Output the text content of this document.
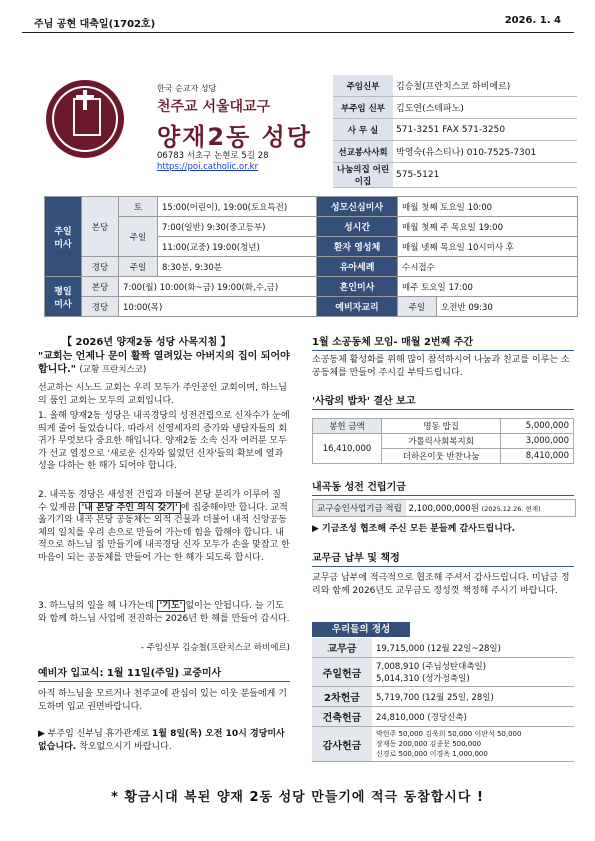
주님 공현 대축일(1702호)	2026. 1. 4
한국 순교자 성당
천주교 서울대교구
양재2동 성당
06783 서초구 논현로 5길 28
https://poi.catholic.or.kr
주임신부	김승철(프란치스코 하비에르)
부주임 신부	김도연(스테파노)
사 무 실	571-3251 FAX 571-3250
선교봉사사회	박영숙(유스티나) 010-7525-7301
나눔의집 어린이집	575-5121
주일 미사	본당	토	15:00(어린이), 19:00(토요특전)	성모신심미사	매월 첫째 토요일 10:00	
		주일	7:00(일반) 9:30(중고등부)	성시간	매월 첫째 주 목요일 19:00	
			11:00(교중) 19:00(청년)	환자 영성체	매월 넷째 목요일 10시미사 후	
	경당	주일	8:30분, 9:30분	유아세례	수시접수	
평일 미사	본당	7:00(월) 10:00(화~금) 19:00(화,수,금)		혼인미사	매주 토요일 17:00	
	경당	10:00(목)		예비자교리	주일	오전반 09:30
【 2026년 양재2동 성당 사목지침 】
"교회는 언제나 문이 활짝 열려있는 아버지의 집이 되어야 합니다." (교황 프란치스코)
선교하는 시노드 교회는 우리 모두가 주인공인 교회이며, 하느님의 품인 교회는 모두의 교회입니다.
1. 올해 양재2동 성당은 내곡경당의 성전건립으로 신자수가 눈에 띄게 줄어 들었습니다. 따라서 신영세자의 증가와 냉담자들의 회귀가 무엇보다 중요한 해입니다. 양재2동 소속 신자 여러분 모두가 선교 열정으로 '새로운 신자와 잃었던 신자'들의 확보에 열과 성을 다하는 한 해가 되어야 합니다.
2. 내곡동 경당은 새성전 건립과 더불어 본당 분리가 이루어 질 수 있게끔 '내 본당 주인 의식 갖기' 에 집중해야만 합니다. 교적 옮기기와 내곡 본당 공동체는 외적 건물과 더불어 내적 신앙공동체의 일치를 우리 손으로 만들어 가는데 힘을 합해야 합니다. 내적으로 하느님 집 만들기에 내곡경당 신자 모두가 손을 맞잡고 한마음이 되는 공동체를 만들어 가는 한 해가 되도록 합시다.
3. 하느님의 일을 해 나가는데 '기도' 없이는 안됩니다. 늘 기도와 함께 하느님 사업에 전진하는 2026년 한 해를 만들어 갑시다.
- 주임신부 김승철(프란치스코 하비에르)
예비자 입교식: 1월 11일(주일) 교중미사
아직 하느님을 모르거나 천주교에 관심이 있는 이웃 분들에게 기도하며 입교 권면바랍니다.
▶ 부주임 신부님 휴가관계로 1월 8일(목) 오전 10시 경당미사 없습니다. 착오없으시기 바랍니다.
1월 소공동체 모임- 매월 2번째 주간
소공동체 활성화를 위해 많이 참석하시어 나눔과 친교를 이루는 소공동체를 만들어 주시길 부탁드립니다.
'사랑의 밥차' 결산 보고
봉헌 금액	명동 밥집	5,000,000
16,410,000	가톨릭사회복지회	3,000,000
	더하온이웃 반찬나눔	8,410,000
내곡동 성전 건립기금
교구승인사업기금 적립 2,100,000,000원 (2025.12.26. 현재)
▶ 기금조성 협조해 주신 모든 분들께 감사드립니다.
교무금 납부 및 책정
교무금 납부에 적극적으로 협조해 주셔서 감사드립니다. 미납금 정리와 함께 2026년도 교무금도 정성껏 책정해 주시기 바랍니다.
우리들의 정성
교무금	19,715,000 (12월 22일~28일)
주일헌금	7,008,910 (주님성탄대축일)
5,014,310 (성가정축일)

2차헌금	5,719,700 (12월 25일, 28일)
건축헌금	24,810,000 (경당신축)
감사헌금	박헌주 50,000 김욱희 50,000 이판석 50,000
장재동 200,000 김종문 500,000
신경로 500,000 이경옥 1,000,000
* 황금시대 복된 양재 2동 성당 만들기에 적극 동참합시다 !
